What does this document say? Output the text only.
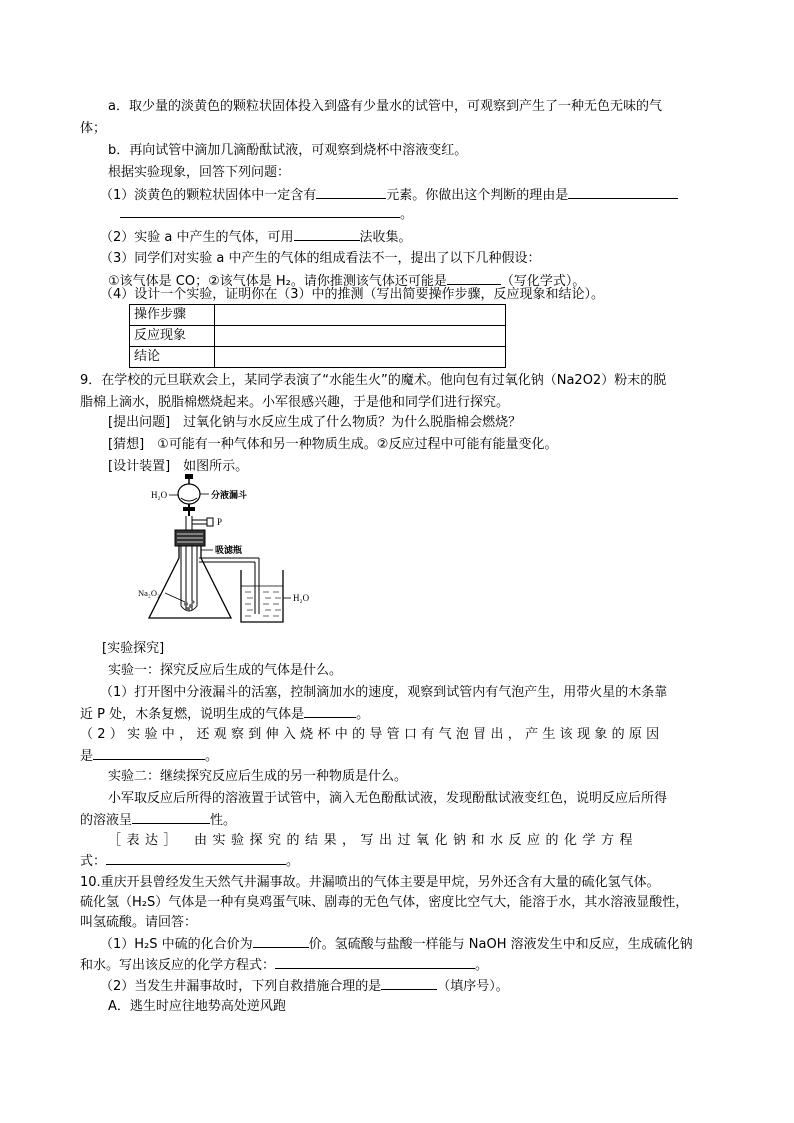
a．取少量的淡黄色的颗粒状固体投入到盛有少量水的试管中，可观察到产生了一种无色无味的气
体；
b．再向试管中滴加几滴酚酞试液，可观察到烧杯中溶液变红。
根据实验现象，回答下列问题：
（1）淡黄色的颗粒状固体中一定含有	元素。你做出这个判断的理由是
。
（2）实验 a 中产生的气体，可用	法收集。
（3）同学们对实验 a 中产生的气体的组成看法不一，提出了以下几种假设：
①该气体是 CO；②该气体是 H₂。请你推测该气体还可能是	（写化学式）。
（4）设计一个实验，证明你在（3）中的推测（写出简要操作步骤，反应现象和结论）。
操作步骤	
反应现象	
结论	
9．在学校的元旦联欢会上，某同学表演了“水能生火”的魔术。他向包有过氧化钠（Na2O2）粉末的脱
脂棉上滴水，脱脂棉燃烧起来。小军很感兴趣，于是他和同学们进行探究。
[提出问题]　过氧化钠与水反应生成了什么物质？为什么脱脂棉会燃烧？
[猜想]　①可能有一种气体和另一种物质生成。②反应过程中可能有能量变化。
[设计装置]　如图所示。
H₂O	分液漏斗
P
吸滤瓶
Na₂O₂	H₂O
[实验探究]
实验一：探究反应后生成的气体是什么。
（1）打开图中分液漏斗的活塞，控制滴加水的速度，观察到试管内有气泡产生，用带火星的木条靠
近 P 处，木条复燃，说明生成的气体是	。
（2）实验中，还观察到伸入烧杯中的导管口有气泡冒出，产生该现象的原因
是	。
实验二：继续探究反应后生成的另一种物质是什么。
小军取反应后所得的溶液置于试管中，滴入无色酚酞试液，发现酚酞试液变红色，说明反应后所得
的溶液呈	性。
［表达］　由实验探究的结果，写出过氧化钠和水反应的化学方程
式：	。
10.重庆开县曾经发生天然气井漏事故。井漏喷出的气体主要是甲烷，另外还含有大量的硫化氢气体。
硫化氢（H₂S）气体是一种有臭鸡蛋气味、剧毒的无色气体，密度比空气大，能溶于水，其水溶液显酸性，
叫氢硫酸。请回答：
（1）H₂S 中硫的化合价为	价。氢硫酸与盐酸一样能与 NaOH 溶液发生中和反应，生成硫化钠
和水。写出该反应的化学方程式：	。
（2）当发生井漏事故时，下列自救措施合理的是	（填序号）。
A．逃生时应往地势高处逆风跑
